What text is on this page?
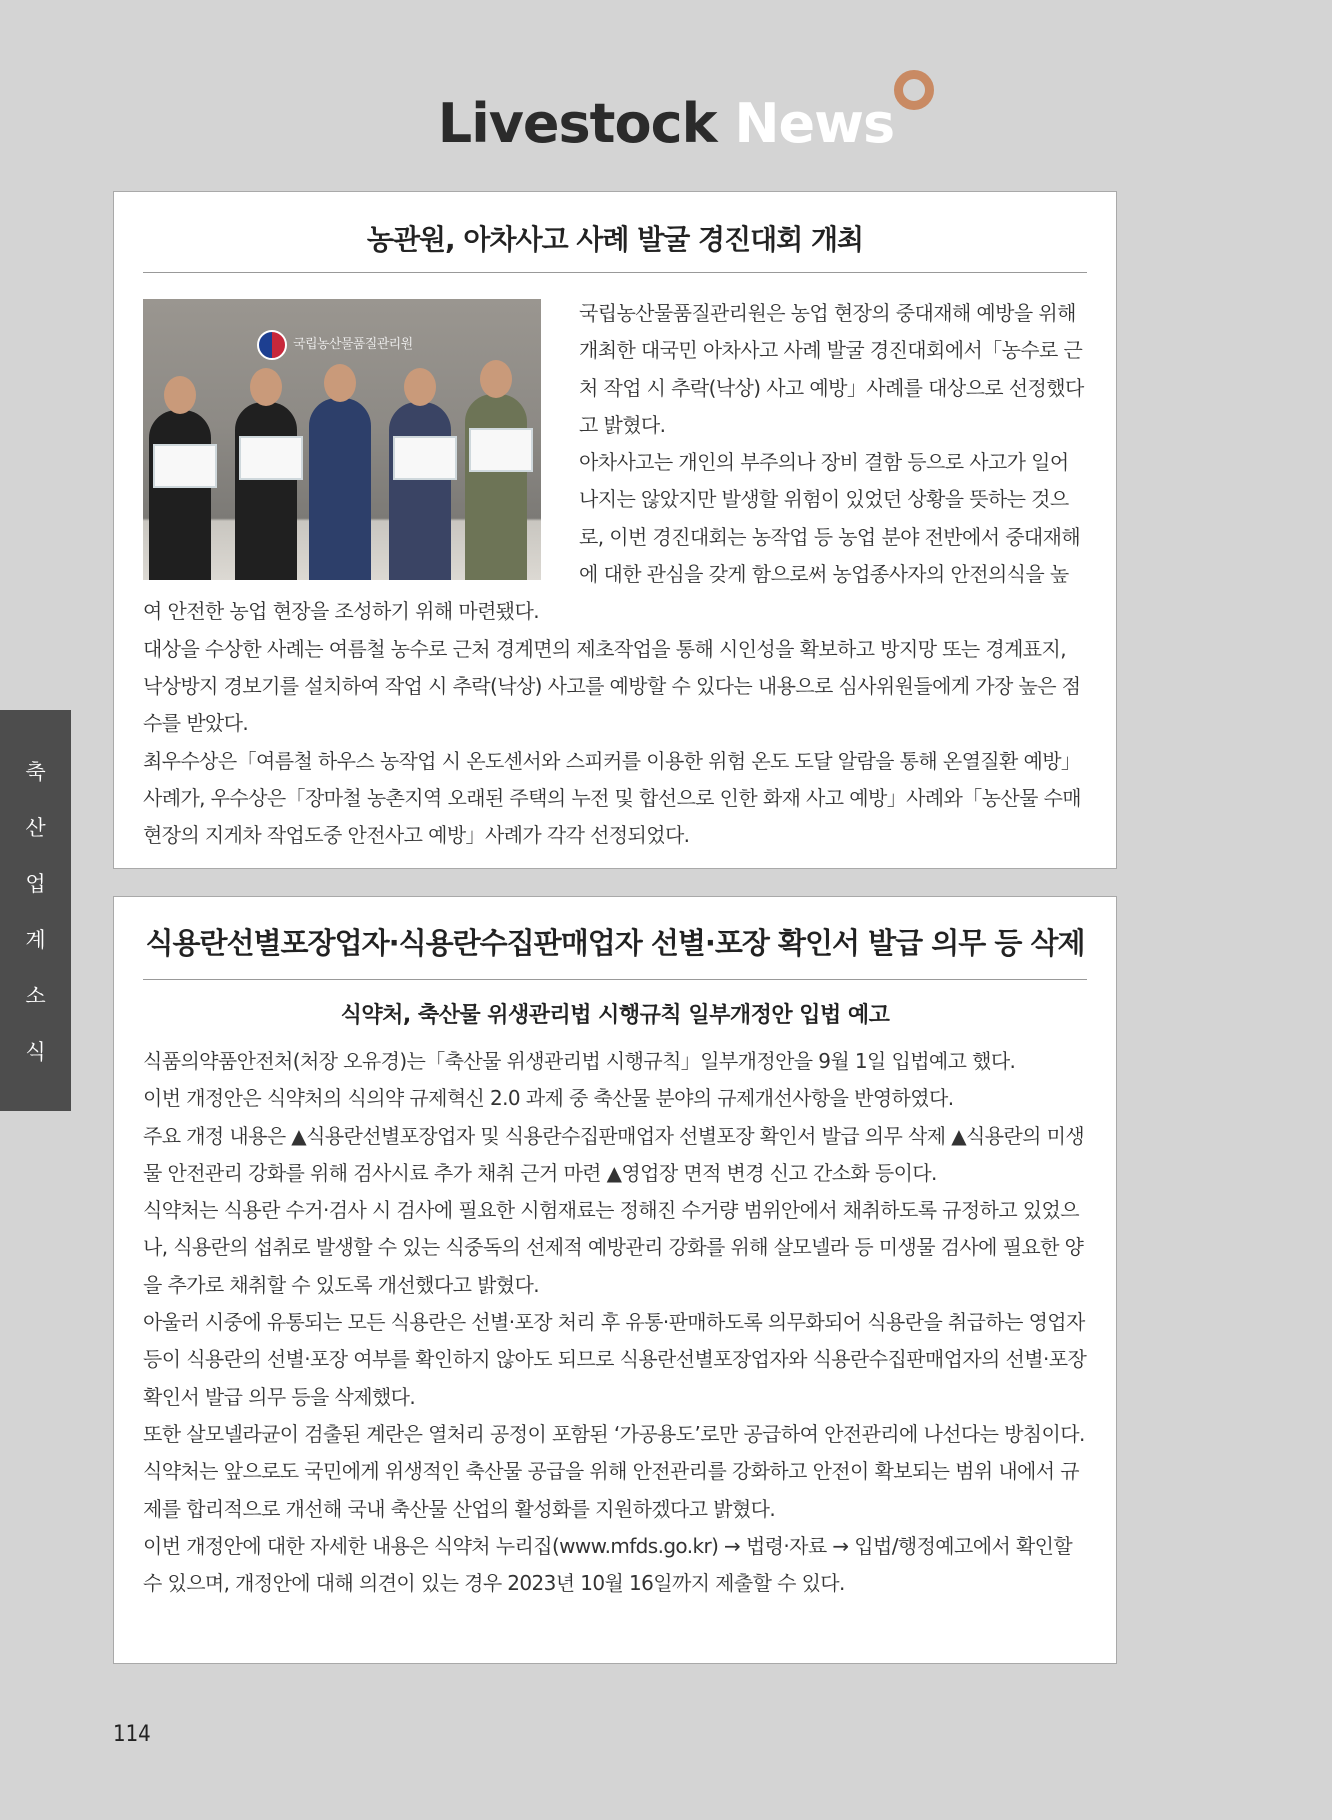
Livestock News
농관원, 아차사고 사례 발굴 경진대회 개최
국립농산물품질관리원

국립농산물품질관리원은 농업 현장의 중대재해 예방을 위해 개최한 대국민 아차사고 사례 발굴 경진대회에서「농수로 근처 작업 시 추락(낙상) 사고 예방」사례를 대상으로 선정했다고 밝혔다.

아차사고는 개인의 부주의나 장비 결함 등으로 사고가 일어나지는 않았지만 발생할 위험이 있었던 상황을 뜻하는 것으로, 이번 경진대회는 농작업 등 농업 분야 전반에서 중대재해에 대한 관심을 갖게 함으로써 농업종사자의 안전의식을 높여 안전한 농업 현장을 조성하기 위해 마련됐다.

대상을 수상한 사례는 여름철 농수로 근처 경계면의 제초작업을 통해 시인성을 확보하고 방지망 또는 경계표지, 낙상방지 경보기를 설치하여 작업 시 추락(낙상) 사고를 예방할 수 있다는 내용으로 심사위원들에게 가장 높은 점수를 받았다.

최우수상은「여름철 하우스 농작업 시 온도센서와 스피커를 이용한 위험 온도 도달 알람을 통해 온열질환 예방」사례가, 우수상은「장마철 농촌지역 오래된 주택의 누전 및 합선으로 인한 화재 사고 예방」사례와「농산물 수매현장의 지게차 작업도중 안전사고 예방」사례가 각각 선정되었다.

식용란선별포장업자·식용란수집판매업자 선별·포장 확인서 발급 의무 등 삭제
식약처, 축산물 위생관리법 시행규칙 일부개정안 입법 예고

식품의약품안전처(처장 오유경)는「축산물 위생관리법 시행규칙」일부개정안을 9월 1일 입법예고 했다.

이번 개정안은 식약처의 식의약 규제혁신 2.0 과제 중 축산물 분야의 규제개선사항을 반영하였다.

주요 개정 내용은 ▲식용란선별포장업자 및 식용란수집판매업자 선별포장 확인서 발급 의무 삭제 ▲식용란의 미생물 안전관리 강화를 위해 검사시료 추가 채취 근거 마련 ▲영업장 면적 변경 신고 간소화 등이다.

식약처는 식용란 수거·검사 시 검사에 필요한 시험재료는 정해진 수거량 범위안에서 채취하도록 규정하고 있었으나, 식용란의 섭취로 발생할 수 있는 식중독의 선제적 예방관리 강화를 위해 살모넬라 등 미생물 검사에 필요한 양을 추가로 채취할 수 있도록 개선했다고 밝혔다.

아울러 시중에 유통되는 모든 식용란은 선별·포장 처리 후 유통·판매하도록 의무화되어 식용란을 취급하는 영업자 등이 식용란의 선별·포장 여부를 확인하지 않아도 되므로 식용란선별포장업자와 식용란수집판매업자의 선별·포장 확인서 발급 의무 등을 삭제했다.

또한 살모넬라균이 검출된 계란은 열처리 공정이 포함된 ‘가공용도’로만 공급하여 안전관리에 나선다는 방침이다.

식약처는 앞으로도 국민에게 위생적인 축산물 공급을 위해 안전관리를 강화하고 안전이 확보되는 범위 내에서 규제를 합리적으로 개선해 국내 축산물 산업의 활성화를 지원하겠다고 밝혔다.

이번 개정안에 대한 자세한 내용은 식약처 누리집(www.mfds.go.kr) → 법령·자료 → 입법/행정예고에서 확인할 수 있으며, 개정안에 대해 의견이 있는 경우 2023년 10월 16일까지 제출할 수 있다.

축
산
업
계
소
식
114
